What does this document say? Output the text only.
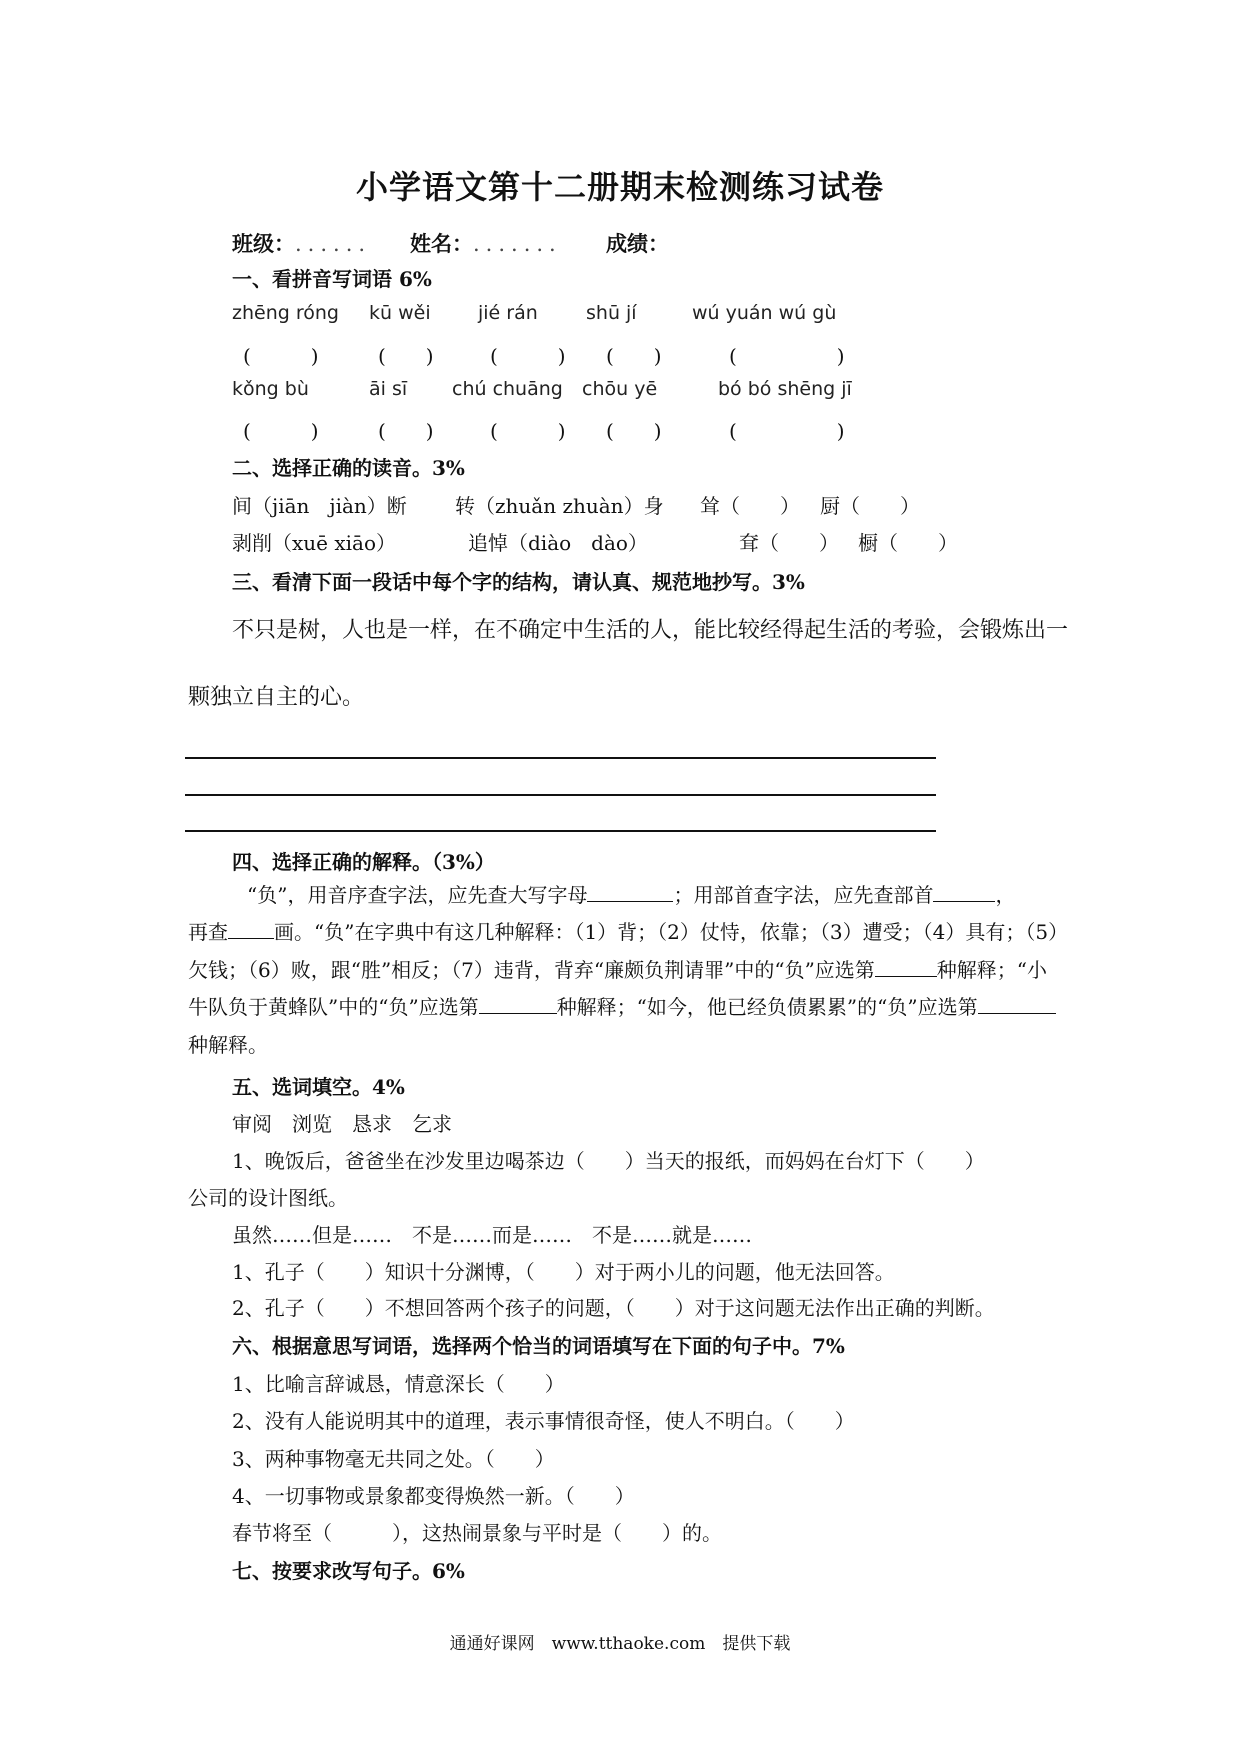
小学语文第十二册期末检测练习试卷
班级：...... 姓名：....... 成绩：
一、看拼音写词语 6%
zhēng róng kū wěi jié rán	shū jí	wú yuán wú gù
(　　　)	(　　)	(　　　) (　　)	(　　　　　)
kǒng bù	āi sī chú chuāng chōu yē	bó bó shēng jī
(　　　)	(　　)	(　　　) (　　)	(　　　　　)
二、选择正确的读音。3%
间（jiān　jiàn）断 转（zhuǎn zhuàn）身 耸（　　） 厨（　　）
剥削（xuē xiāo）	追悼（diào　dào）	耷（　　） 橱（　　）
三、看清下面一段话中每个字的结构，请认真、规范地抄写。3%
不只是树，人也是一样，在不确定中生活的人，能比较经得起生活的考验，会锻炼出一
颗独立自主的心。
四、选择正确的解释。（3%）

“负”，用音序查字法，应先查大写字母	；用部首查字法，应先查部首	，

再查 画。“负”在字典中有这几种解释：（1）背；（2）仗恃，依靠；（3）遭受；（4）具有；（5）欠钱；（6）败，跟“胜”相反；（7）违背，背弃“廉颇负荆请罪”中的“负”应选第	种解释；“小牛队负于黄蜂队”中的“负”应选第	种解释；“如今，他已经负债累累”的“负”应选第种解释。

五、选词填空。4%
审阅　浏览　恳求　乞求
1、晚饭后，爸爸坐在沙发里边喝茶边（　　）当天的报纸，而妈妈在台灯下（　　）
公司的设计图纸。
虽然……但是……　不是……而是……　不是……就是……
1、孔子（　　）知识十分渊博，（　　）对于两小儿的问题，他无法回答。
2、孔子（　　）不想回答两个孩子的问题，（　　）对于这问题无法作出正确的判断。
六、根据意思写词语，选择两个恰当的词语填写在下面的句子中。7%
1、比喻言辞诚恳，情意深长（　　）
2、没有人能说明其中的道理，表示事情很奇怪，使人不明白。（　　）
3、两种事物毫无共同之处。（　　）
4、一切事物或景象都变得焕然一新。（　　）
春节将至（　　　），这热闹景象与平时是（　　）的。
七、按要求改写句子。6%
通通好课网　www.tthaoke.com　提供下载
